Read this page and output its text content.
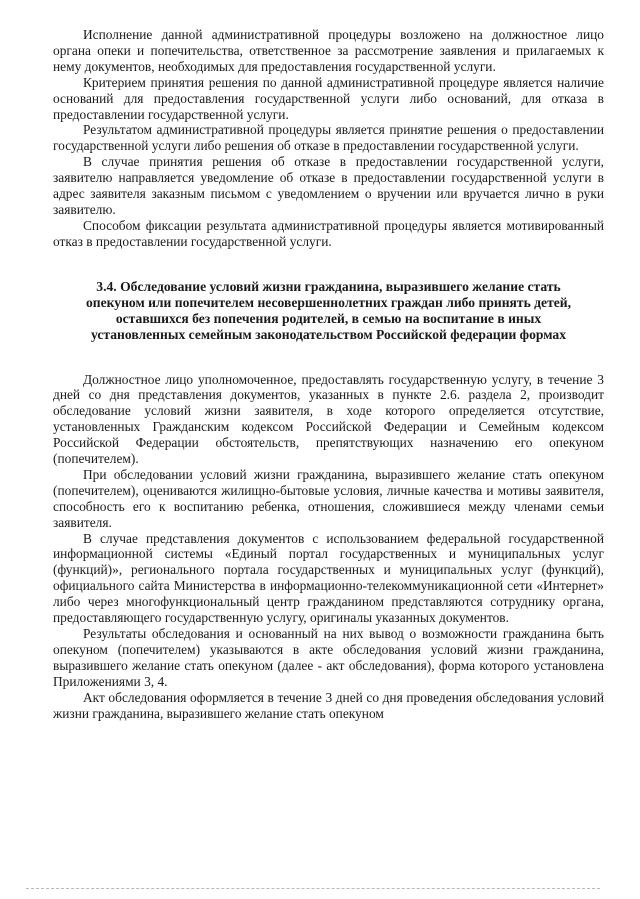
Исполнение данной административной процедуры возложено на должностное лицо органа опеки и попечительства, ответственное за рассмотрение заявления и прилагаемых к нему документов, необходимых для предоставления государственной услуги.

Критерием принятия решения по данной административной процедуре является наличие оснований для предоставления государственной услуги либо оснований, для отказа в предоставлении государственной услуги.

Результатом административной процедуры является принятие решения о предоставлении государственной услуги либо решения об отказе в предоставлении государственной услуги.

В случае принятия решения об отказе в предоставлении государственной услуги, заявителю направляется уведомление об отказе в предоставлении государственной услуги в адрес заявителя заказным письмом с уведомлением о вручении или вручается лично в руки заявителю.

Способом фиксации результата административной процедуры является мотивированный отказ в предоставлении государственной услуги.

3.4. Обследование условий жизни гражданина, выразившего желание стать
опекуном или попечителем несовершеннолетних граждан либо принять детей,
оставшихся без попечения родителей, в семью на воспитание в иных
установленных семейным законодательством Российской федерации формах

Должностное лицо уполномоченное, предоставлять государственную услугу, в течение 3 дней со дня представления документов, указанных в пункте 2.6. раздела 2, производит обследование условий жизни заявителя, в ходе которого определяется отсутствие, установленных Гражданским кодексом Российской Федерации и Семейным кодексом Российской Федерации обстоятельств, препятствующих назначению его опекуном (попечителем).

При обследовании условий жизни гражданина, выразившего желание стать опекуном (попечителем), оцениваются жилищно-бытовые условия, личные качества и мотивы заявителя, способность его к воспитанию ребенка, отношения, сложившиеся между членами семьи заявителя.

В случае представления документов с использованием федеральной государственной информационной системы «Единый портал государственных и муниципальных услуг (функций)», регионального портала государственных и муниципальных услуг (функций), официального сайта Министерства в информационно-телекоммуникационной сети «Интернет» либо через многофункциональный центр гражданином представляются сотруднику органа, предоставляющего государственную услугу, оригиналы указанных документов.

Результаты обследования и основанный на них вывод о возможности гражданина быть опекуном (попечителем) указываются в акте обследования условий жизни гражданина, выразившего желание стать опекуном (далее - акт обследования), форма которого установлена Приложениями 3, 4.

Акт обследования оформляется в течение 3 дней со дня проведения обследования условий жизни гражданина, выразившего желание стать опекуном
